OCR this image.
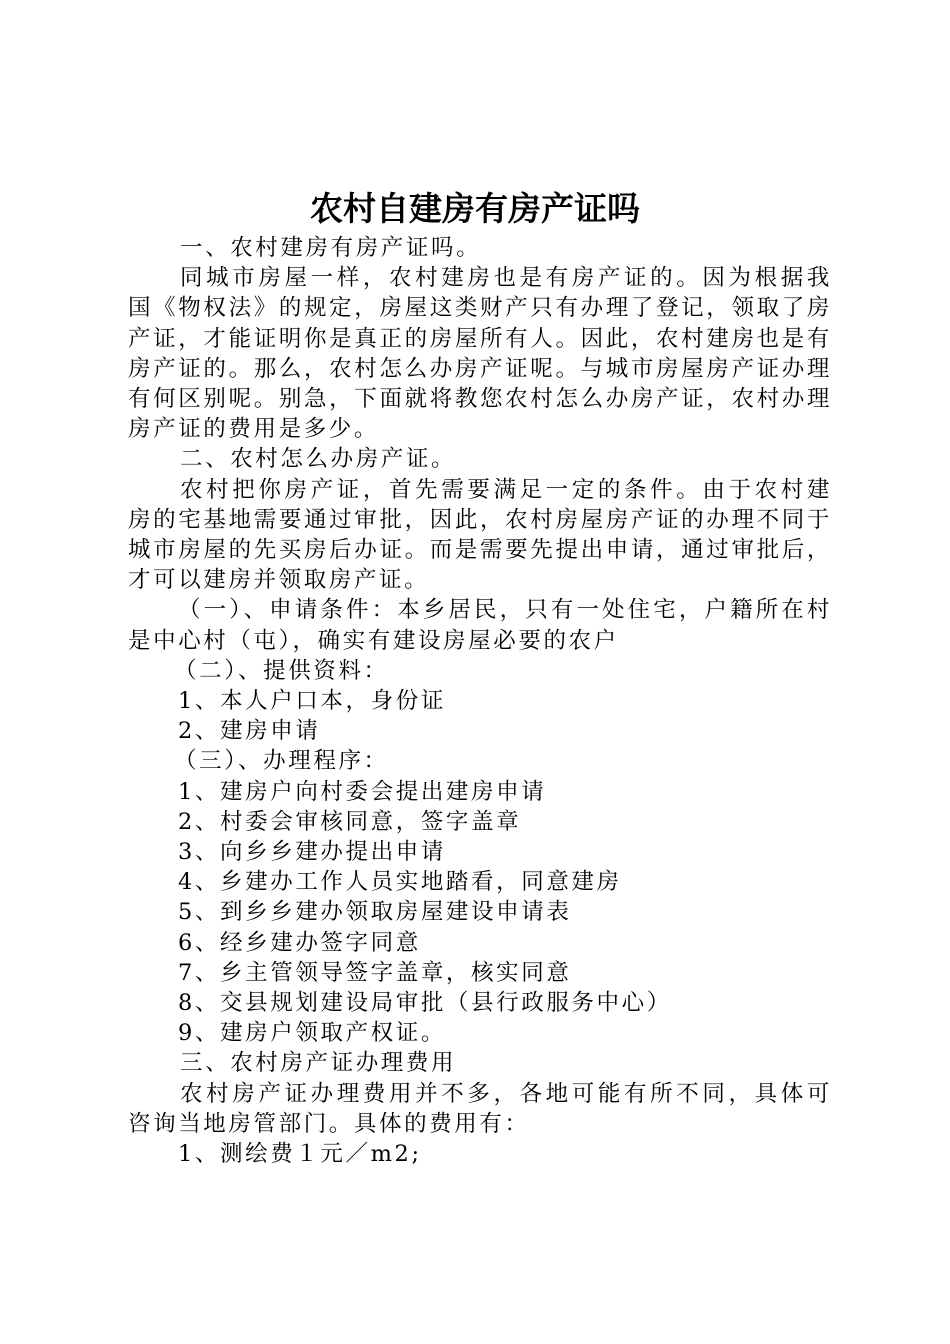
农村自建房有房产证吗

一、农村建房有房产证吗。

同城市房屋一样，农村建房也是有房产证的。因为根据我国《物权法》的规定，房屋这类财产只有办理了登记，领取了房产证，才能证明你是真正的房屋所有人。因此，农村建房也是有房产证的。那么，农村怎么办房产证呢。与城市房屋房产证办理有何区别呢。别急，下面就将教您农村怎么办房产证，农村办理房产证的费用是多少。

二、农村怎么办房产证。

农村把你房产证，首先需要满足一定的条件。由于农村建房的宅基地需要通过审批，因此，农村房屋房产证的办理不同于城市房屋的先买房后办证。而是需要先提出申请，通过审批后，才可以建房并领取房产证。

（一）、申请条件：本乡居民，只有一处住宅，户籍所在村是中心村（屯），确实有建设房屋必要的农户

（二）、提供资料：

1、本人户口本，身份证

2、建房申请

（三）、办理程序：

1、建房户向村委会提出建房申请

2、村委会审核同意，签字盖章

3、向乡乡建办提出申请

4、乡建办工作人员实地踏看，同意建房

5、到乡乡建办领取房屋建设申请表

6、经乡建办签字同意

7、乡主管领导签字盖章，核实同意

8、交县规划建设局审批（县行政服务中心）

9、建房户领取产权证。

三、农村房产证办理费用

农村房产证办理费用并不多，各地可能有所不同，具体可咨询当地房管部门。具体的费用有：

1、测绘费１元／m2;
